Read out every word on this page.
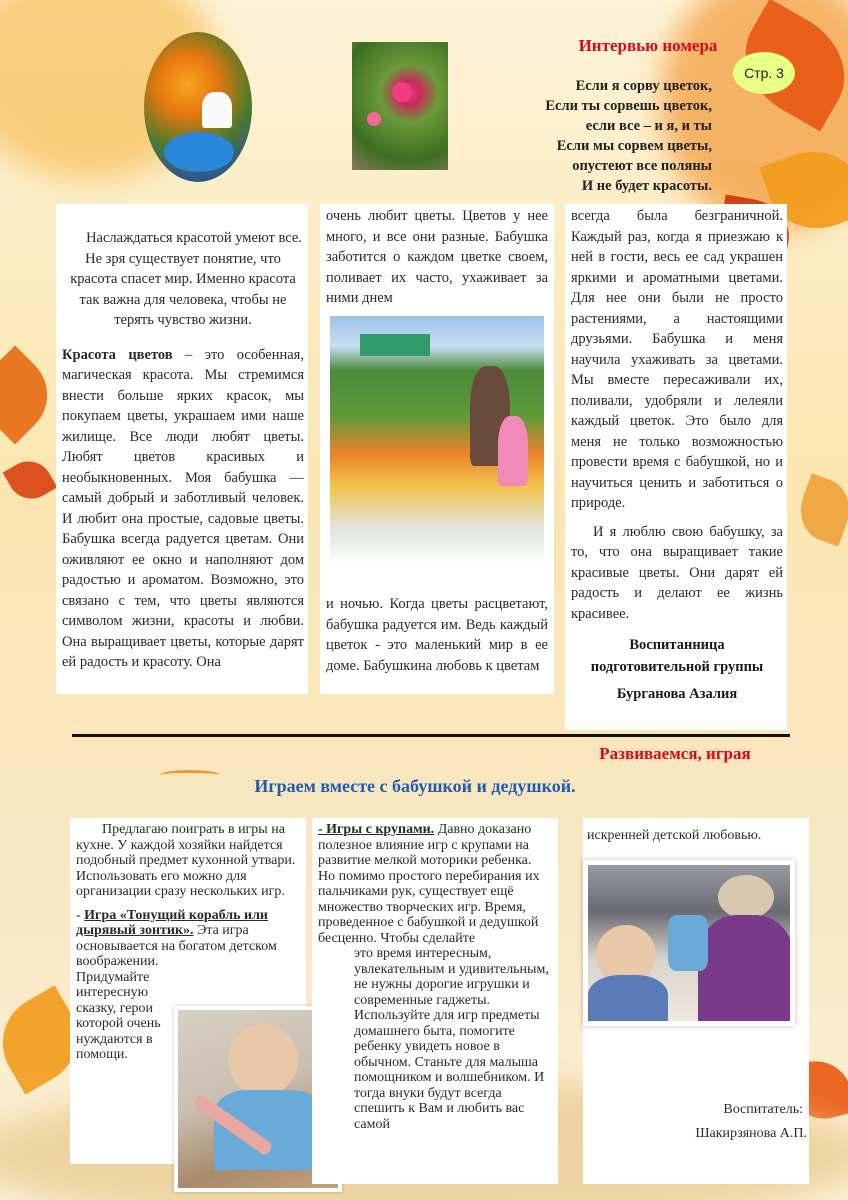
Интервью номера
Стр. 3
Если я сорву цветок,
Если ты сорвешь цветок,
если все – и я, и ты
Если мы сорвем цветы,
опустеют все поляны
И не будет красоты.

Наслаждаться красотой умеют все. Не зря существует понятие, что красота спасет мир. Именно красота так важна для человека, чтобы не терять чувство жизни.

Красота цветов – это особенная, магическая красота. Мы стремимся внести больше ярких красок, мы покупаем цветы, украшаем ими наше жилище. Все люди любят цветы. Любят цветов красивых и необыкновенных. Моя бабушка — самый добрый и заботливый человек. И любит она простые, садовые цветы. Бабушка всегда радуется цветам. Они оживляют ее окно и наполняют дом радостью и ароматом. Возможно, это связано с тем, что цветы являются символом жизни, красоты и любви. Она выращивает цветы, которые дарят ей радость и красоту. Она

очень любит цветы. Цветов у нее много, и все они разные. Бабушка заботится о каждом цветке своем, поливает их часто, ухаживает за ними днем

и ночью. Когда цветы расцветают, бабушка радуется им. Ведь каждый цветок - это маленький мир в ее доме. Бабушкина любовь к цветам

всегда была безграничной. Каждый раз, когда я приезжаю к ней в гости, весь ее сад украшен яркими и ароматными цветами. Для нее они были не просто растениями, а настоящими друзьями. Бабушка и меня научила ухаживать за цветами. Мы вместе пересаживали их, поливали, удобряли и лелеяли каждый цветок. Это было для меня не только возможностью провести время с бабушкой, но и научиться ценить и заботиться о природе.

И я люблю свою бабушку, за то, что она выращивает такие красивые цветы. Они дарят ей радость и делают ее жизнь красивее.

Воспитанница подготовительной группы

Бурганова Азалия

Развиваемся, играя
Играем вместе с бабушкой и дедушкой.

Предлагаю поиграть в игры на кухне. У каждой хозяйки найдется подобный предмет кухонной утвари. Использовать его можно для организации сразу нескольких игр.

- Игра «Тонущий корабль или дырявый зонтик». Эта игра основывается на богатом детском воображении.

Придумайте интересную сказку, герои которой очень нуждаются в помощи.

- Игры с крупами. Давно доказано полезное влияние игр с крупами на развитие мелкой моторики ребенка. Но помимо простого перебирания их пальчиками рук, существует ещё множество творческих игр. Время, проведенное с бабушкой и дедушкой бесценно. Чтобы сделайте

это время интересным, увлекательным и удивительным, не нужны дорогие игрушки и современные гаджеты. Используйте для игр предметы домашнего быта, помогите ребенку увидеть новое в обычном. Станьте для малыша помощником и волшебником. И тогда внуки будут всегда спешить к Вам и любить вас самой

искренней детской любовью.

Воспитатель:

Шакирзянова А.П.
